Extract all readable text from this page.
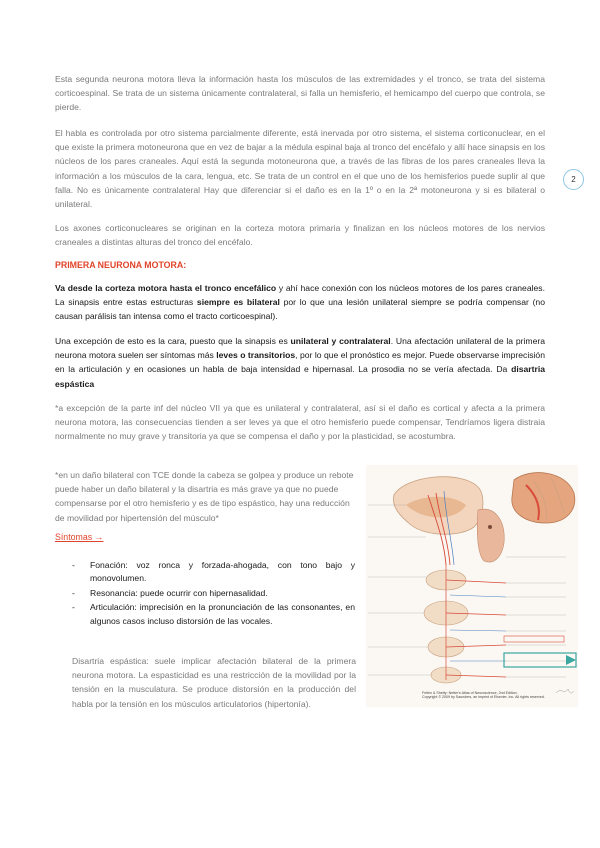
Esta segunda neurona motora lleva la información hasta los músculos de las extremidades y el tronco, se trata del sistema corticoespinal. Se trata de un sistema únicamente contralateral, si falla un hemisferio, el hemicampo del cuerpo que controla, se pierde.
El habla es controlada por otro sistema parcialmente diferente, está inervada por otro sistema, el sistema corticonuclear, en el que existe la primera motoneurona que en vez de bajar a la médula espinal baja al tronco del encéfalo y allí hace sinapsis en los núcleos de los pares craneales. Aquí está la segunda motoneurona que, a través de las fibras de los pares craneales lleva la información a los músculos de la cara, lengua, etc. Se trata de un control en el que uno de los hemisferios puede suplir al que falla. No es únicamente contralateral Hay que diferenciar si el daño es en la 1º o en la 2ª motoneurona y si es bilateral o unilateral.
2
Los axones corticonucleares se originan en la corteza motora primaria y finalizan en los núcleos motores de los nervios craneales a distintas alturas del tronco del encéfalo.
PRIMERA NEURONA MOTORA:
Va desde la corteza motora hasta el tronco encefálico y ahí hace conexión con los núcleos motores de los pares craneales. La sinapsis entre estas estructuras siempre es bilateral por lo que una lesión unilateral siempre se podría compensar (no causan parálisis tan intensa como el tracto corticoespinal).
Una excepción de esto es la cara, puesto que la sinapsis es unilateral y contralateral. Una afectación unilateral de la primera neurona motora suelen ser síntomas más leves o transitorios, por lo que el pronóstico es mejor. Puede observarse imprecisión en la articulación y en ocasiones un habla de baja intensidad e hipernasal. La prosodia no se vería afectada. Da disartria espástica
*a excepción de la parte inf del núcleo VII ya que es unilateral y contralateral, así si el daño es cortical y afecta a la primera neurona motora, las consecuencias tienden a ser leves ya que el otro hemisferio puede compensar, Tendríamos ligera distraia normalmente no muy grave y transitoria ya que se compensa el daño y por la plasticidad, se acostumbra.
*en un daño bilateral con TCE donde la cabeza se golpea y produce un rebote puede haber un daño bilateral y la disartria es más grave ya que no puede compensarse por el otro hemisferio y es de tipo espástico, hay una reducción de movilidad por hipertensión del músculo*
Síntomas →
- Fonación: voz ronca y forzada-ahogada, con tono bajo y monovolumen.
- Resonancia: puede ocurrir con hipernasalidad.
- Articulación: imprecisión en la pronunciación de las consonantes, en algunos casos incluso distorsión de las vocales.
Disartria espástica: suele implicar afectación bilateral de la primera neurona motora. La espasticidad es una restricción de la movilidad por la tensión en la musculatura. Se produce distorsión en la producción del habla por la tensión en los músculos articulatorios (hipertonía).
Felten & Shetty: Netter's Atlas of Neuroscience, 2nd Edition.
Copyright © 2009 by Saunders, an imprint of Elsevier, Inc. All rights reserved.
